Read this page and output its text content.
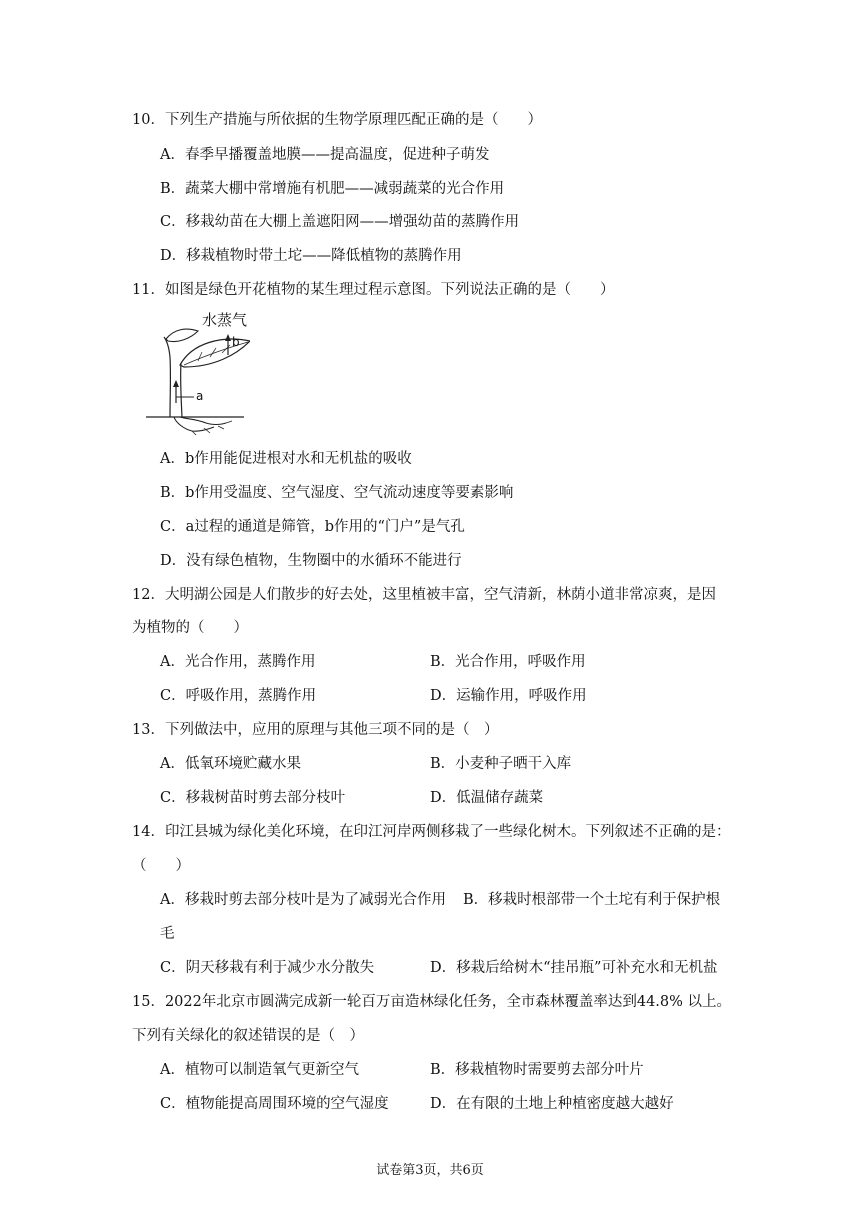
10．下列生产措施与所依据的生物学原理匹配正确的是（　　）
A．春季早播覆盖地膜——提高温度，促进种子萌发
B．蔬菜大棚中常增施有机肥——减弱蔬菜的光合作用
C．移栽幼苗在大棚上盖遮阳网——增强幼苗的蒸腾作用
D．移栽植物时带土坨——降低植物的蒸腾作用
11．如图是绿色开花植物的某生理过程示意图。下列说法正确的是（　　）
水蒸气
b
a
A．b作用能促进根对水和无机盐的吸收
B．b作用受温度、空气湿度、空气流动速度等要素影响
C．a过程的通道是筛管，b作用的“门户”是气孔
D．没有绿色植物，生物圈中的水循环不能进行
12．大明湖公园是人们散步的好去处，这里植被丰富，空气清新，林荫小道非常凉爽，是因
为植物的（　　）
A．光合作用，蒸腾作用	B．光合作用，呼吸作用
C．呼吸作用，蒸腾作用	D．运输作用，呼吸作用
13．下列做法中，应用的原理与其他三项不同的是（　）
A．低氧环境贮藏水果	B．小麦种子晒干入库
C．移栽树苗时剪去部分枝叶	D．低温储存蔬菜
14．印江县城为绿化美化环境，在印江河岸两侧移栽了一些绿化树木。下列叙述不正确的是：
（　　）
A．移栽时剪去部分枝叶是为了减弱光合作用 B．移栽时根部带一个土坨有利于保护根
毛
C．阴天移栽有利于减少水分散失	D．移栽后给树木“挂吊瓶”可补充水和无机盐
15．2022年北京市圆满完成新一轮百万亩造林绿化任务，全市森林覆盖率达到44.8% 以上。
下列有关绿化的叙述错误的是（　）
A．植物可以制造氧气更新空气	B．移栽植物时需要剪去部分叶片
C．植物能提高周围环境的空气湿度	D．在有限的土地上种植密度越大越好
试卷第3页，共6页
